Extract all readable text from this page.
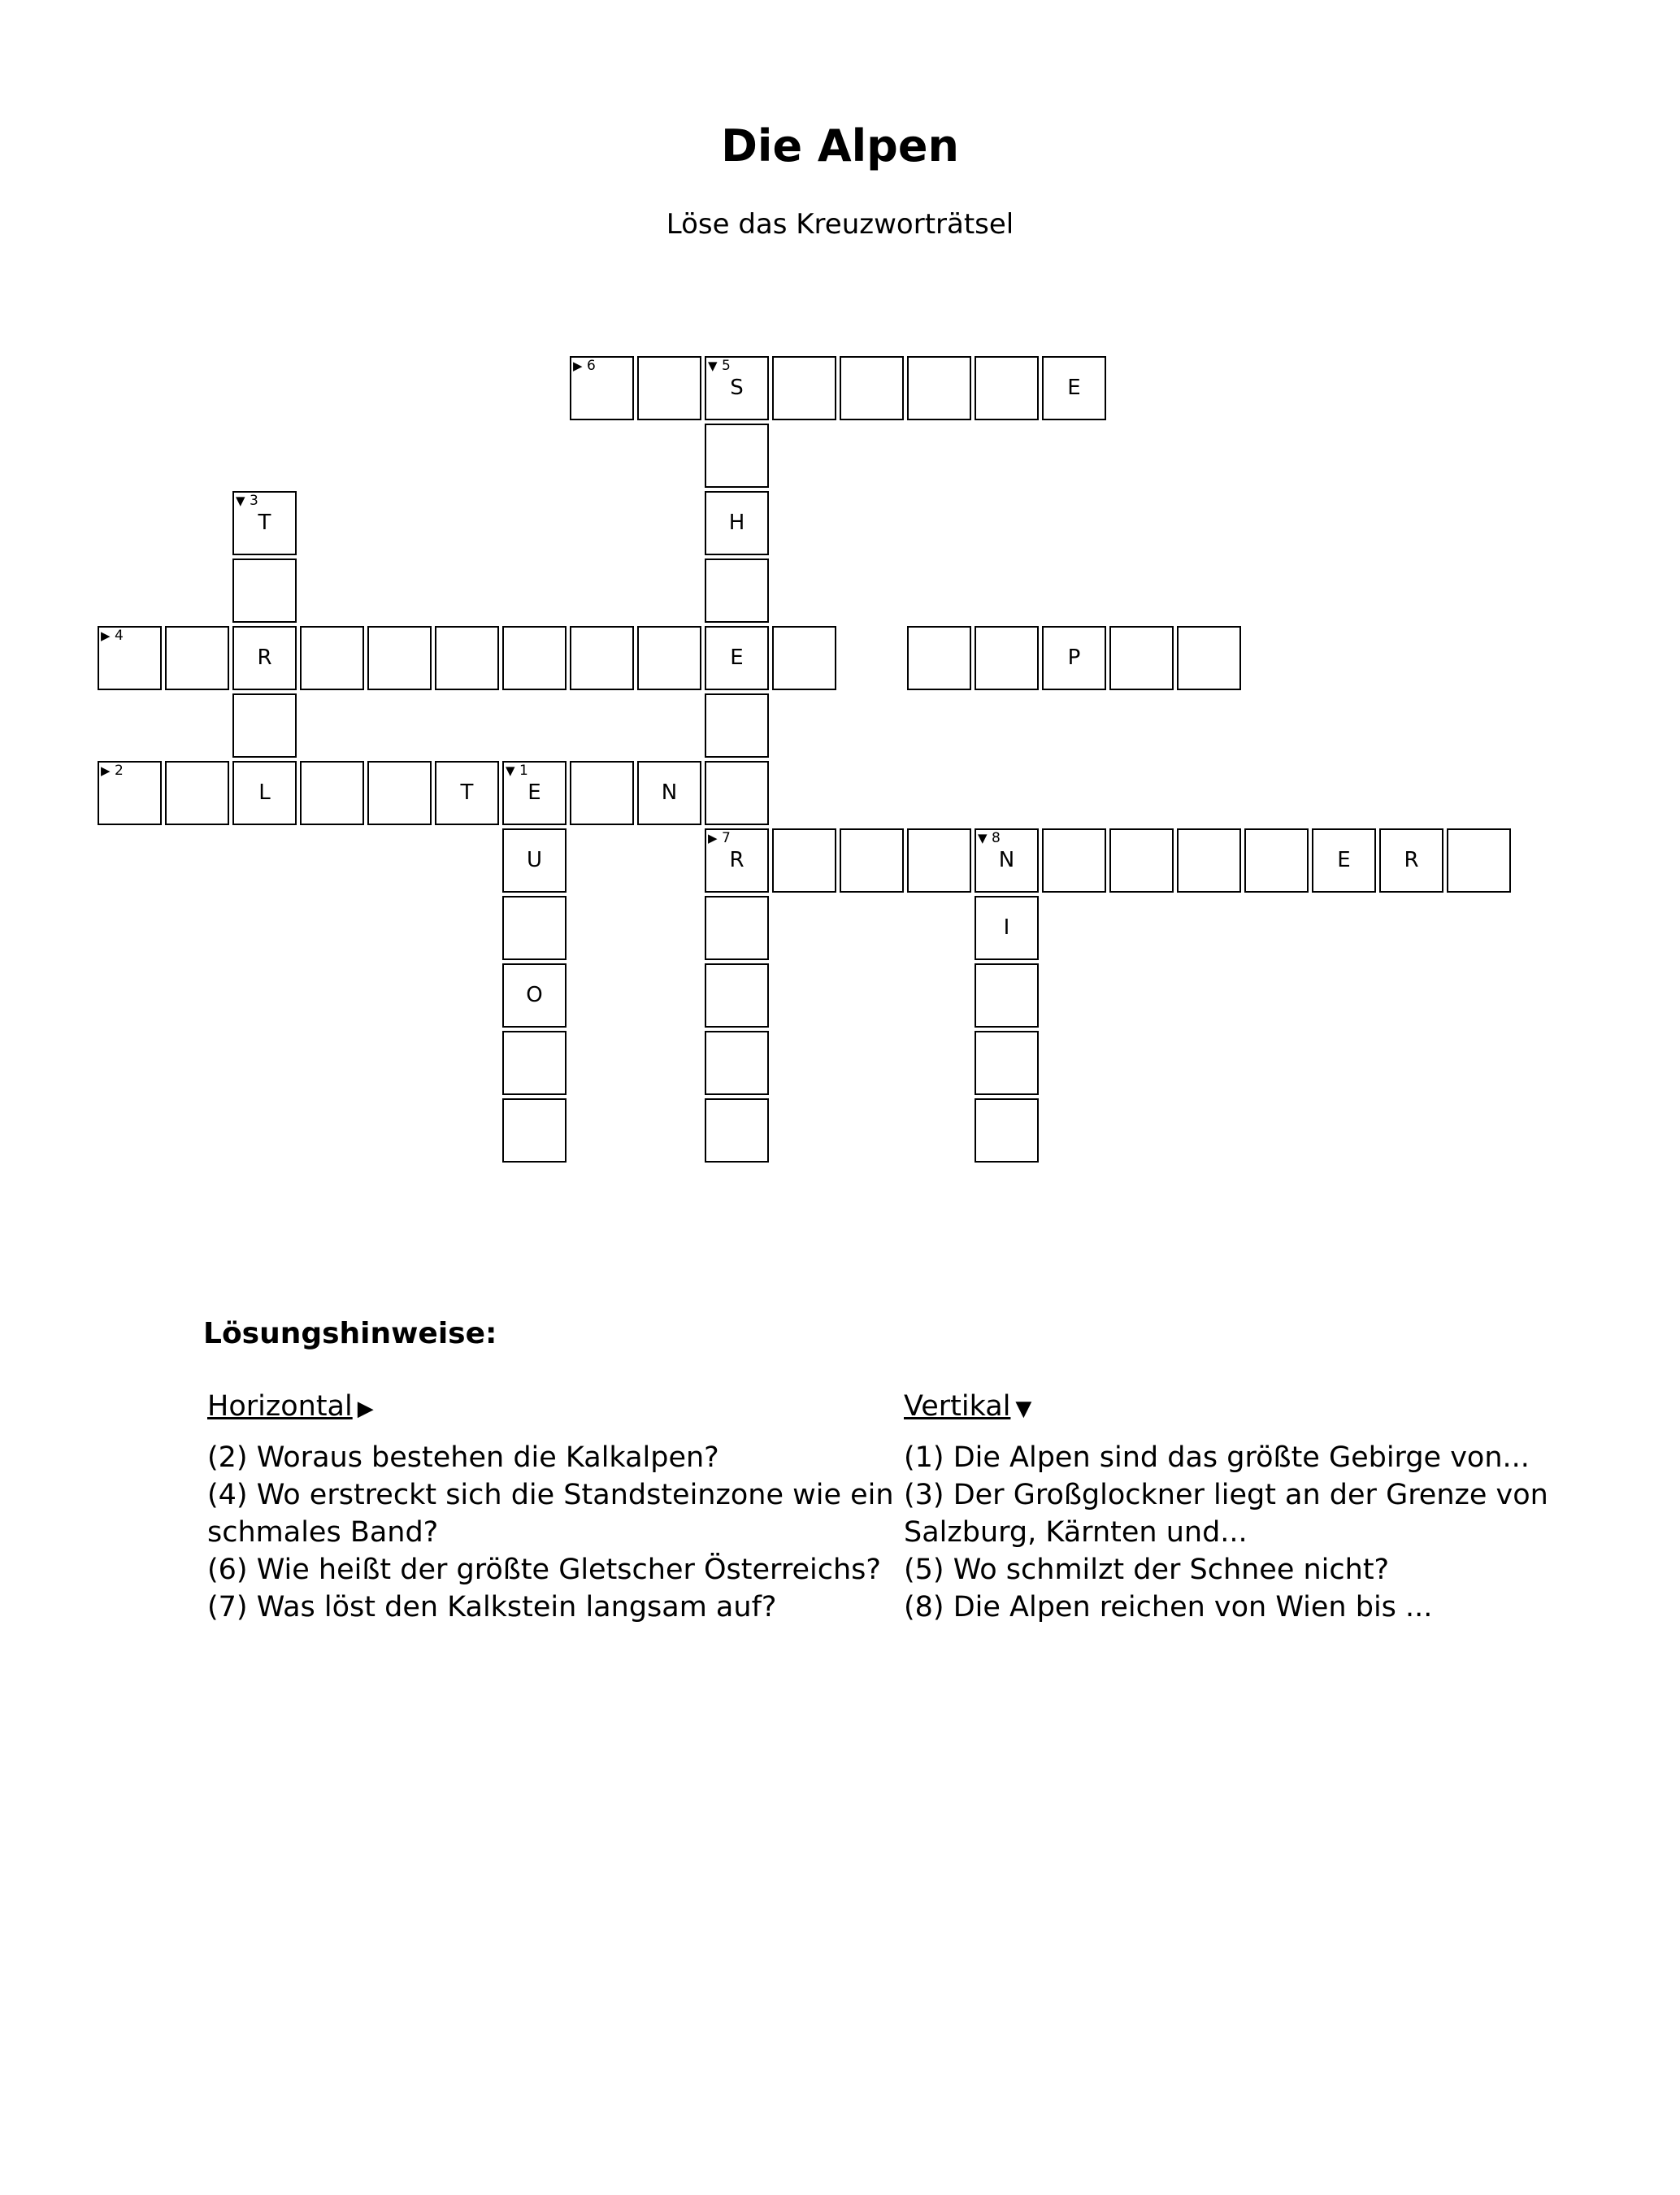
Die Alpen
Löse das Kreuzworträtsel
▶ 6	▼ 5
S	E
▼ 3
T	H
▶ 4
R	E	P
▶ 2
L	T
▼ 1
E	N
U
▶ 7
R
▼ 8
N	E	R
I
O
Lösungshinweise:
Horizontal ▶	Vertikal ▼

(2) Woraus bestehen die Kalkalpen?

(4) Wo erstreckt sich die Standsteinzone wie ein schmales Band?

(6) Wie heißt der größte Gletscher Österreichs?

(7) Was löst den Kalkstein langsam auf?

(1) Die Alpen sind das größte Gebirge von...

(3) Der Großglockner liegt an der Grenze von Salzburg, Kärnten und...

(5) Wo schmilzt der Schnee nicht?

(8) Die Alpen reichen von Wien bis ...
